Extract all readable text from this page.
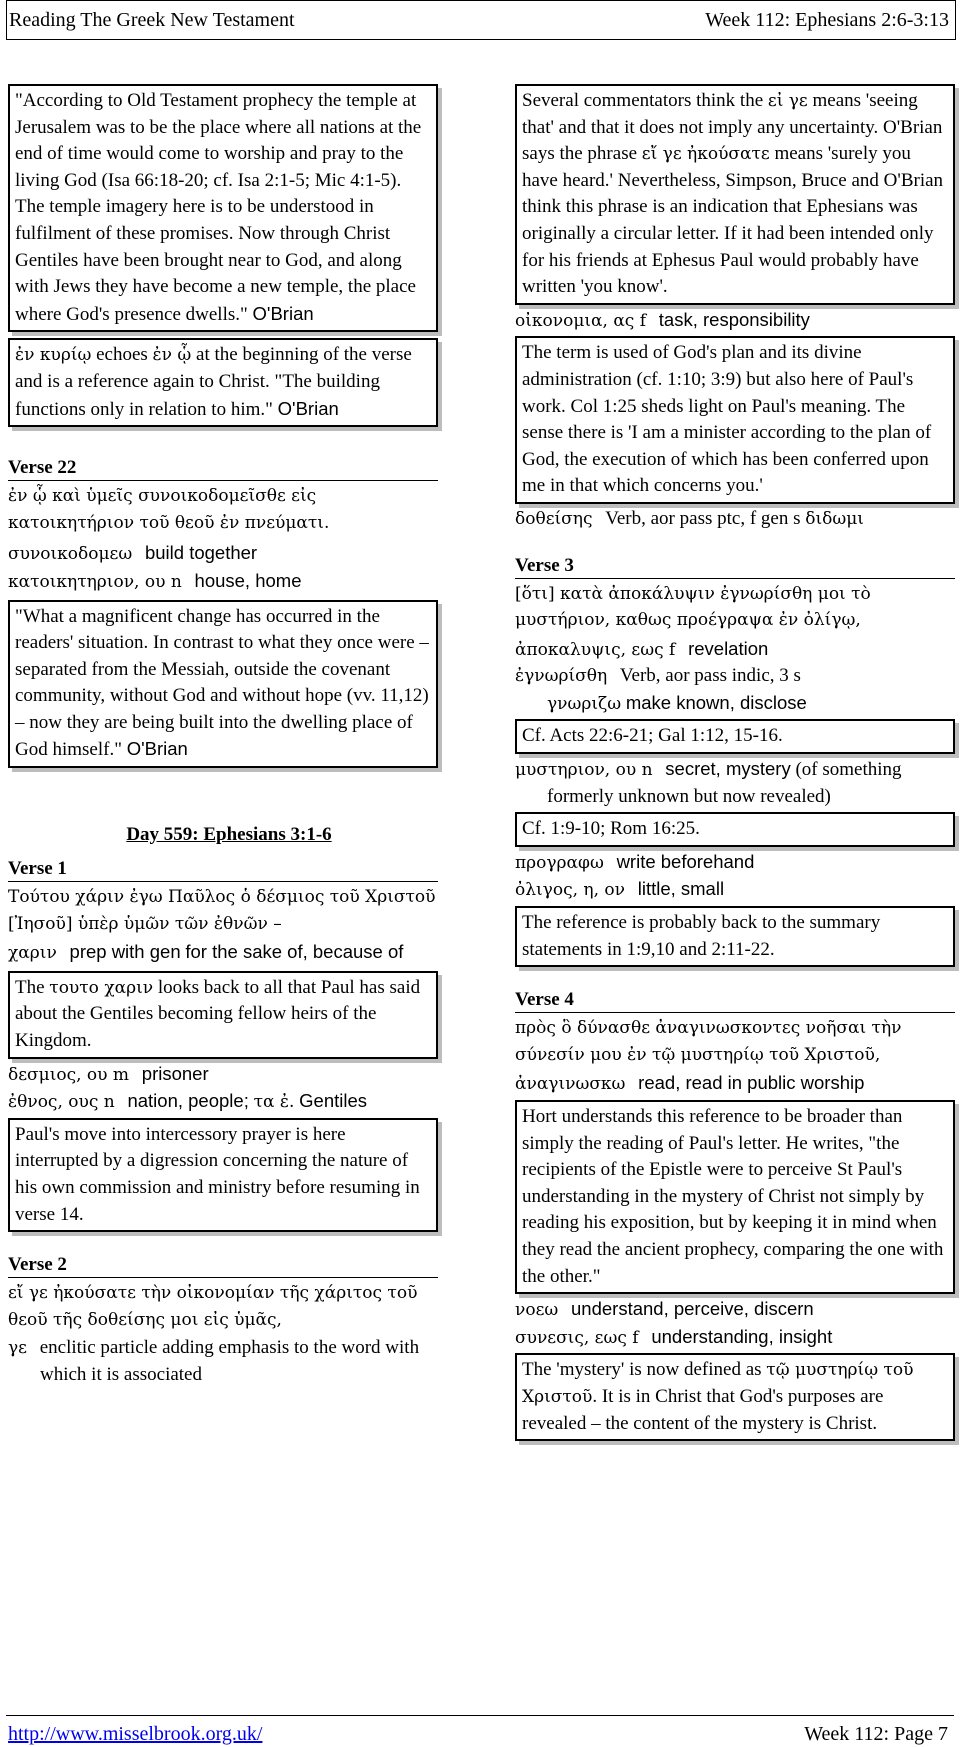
Reading The Greek New Testament	Week 112: Ephesians 2:6-3:13
"According to Old Testament prophecy the temple at Jerusalem was to be the place where all nations at the end of time would come to worship and pray to the living God (Isa 66:18-20; cf. Isa 2:1-5; Mic 4:1-5). The temple imagery here is to be understood in fulfilment of these promises. Now through Christ Gentiles have been brought near to God, and along with Jews they have become a new temple, the place where God's presence dwells." O'Brian
ἐν κυρίῳ echoes ἐν ᾧ at the beginning of the verse and is a reference again to Christ. "The building functions only in relation to him." O'Brian
Verse 22
ἐν ᾧ καὶ ὑμεῖς συνοικοδομεῖσθε εἰς κατοικητήριον τοῦ θεοῦ ἐν πνεύματι.
συνοικοδομεω build together
κατοικητηριον, ου n house, home
"What a magnificent change has occurred in the readers' situation. In contrast to what they once were – separated from the Messiah, outside the covenant community, without God and without hope (vv. 11,12) – now they are being built into the dwelling place of God himself." O'Brian
Day 559: Ephesians 3:1-6
Verse 1
Τούτου χάριν ἐγω Παῦλος ὁ δέσμιος τοῦ Χριστοῦ [Ἰησοῦ] ὑπὲρ ὑμῶν τῶν ἐθνῶν –
χαριν prep with gen for the sake of, because of
The τουτο χαριν looks back to all that Paul has said about the Gentiles becoming fellow heirs of the Kingdom.
δεσμιος, ου m prisoner
ἐθνος, ους n nation, people; τα ἐ. Gentiles
Paul's move into intercessory prayer is here interrupted by a digression concerning the nature of his own commission and ministry before resuming in verse 14.
Verse 2
εἴ γε ἠκούσατε τὴν οἰκονομίαν τῆς χάριτος τοῦ θεοῦ τῆς δοθείσης μοι εἰς ὑμᾶς,
γε enclitic particle adding emphasis to the word with which it is associated
Several commentators think the εἰ γε means 'seeing that' and that it does not imply any uncertainty. O'Brian says the phrase εἴ γε ἠκούσατε means 'surely you have heard.' Nevertheless, Simpson, Bruce and O'Brian think this phrase is an indication that Ephesians was originally a circular letter. If it had been intended only for his friends at Ephesus Paul would probably have written 'you know'.
οἰκονομια, ας f task, responsibility
The term is used of God's plan and its divine administration (cf. 1:10; 3:9) but also here of Paul's work. Col 1:25 sheds light on Paul's meaning. The sense there is 'I am a minister according to the plan of God, the execution of which has been conferred upon me in that which concerns you.'
δοθείσης Verb, aor pass ptc, f gen s διδωμι
Verse 3
[ὅτι] κατὰ ἀποκάλυψιν ἐγνωρίσθη μοι τὸ μυστήριον, καθως προέγραψα ἐν ὀλίγῳ,
ἀποκαλυψις, εως f revelation
ἐγνωρίσθη Verb, aor pass indic, 3 s
γνωριζω make known, disclose
Cf. Acts 22:6-21; Gal 1:12, 15-16.
μυστηριον, ου n secret, mystery (of something formerly unknown but now revealed)
Cf. 1:9-10; Rom 16:25.
προγραφω write beforehand
ὀλιγος, η, ον little, small
The reference is probably back to the summary statements in 1:9,10 and 2:11-22.
Verse 4
πρὸς ὃ δύνασθε ἀναγινωσκοντες νοῆσαι τὴν σύνεσίν μου ἐν τῷ μυστηρίῳ τοῦ Χριστοῦ,
ἀναγινωσκω read, read in public worship
Hort understands this reference to be broader than simply the reading of Paul's letter. He writes, "the recipients of the Epistle were to perceive St Paul's understanding in the mystery of Christ not simply by reading his exposition, but by keeping it in mind when they read the ancient prophecy, comparing the one with the other."
νοεω understand, perceive, discern
συνεσις, εως f understanding, insight
The 'mystery' is now defined as τῷ μυστηρίῳ τοῦ Χριστοῦ. It is in Christ that God's purposes are revealed – the content of the mystery is Christ.
http://www.misselbrook.org.uk/	Week 112: Page 7
